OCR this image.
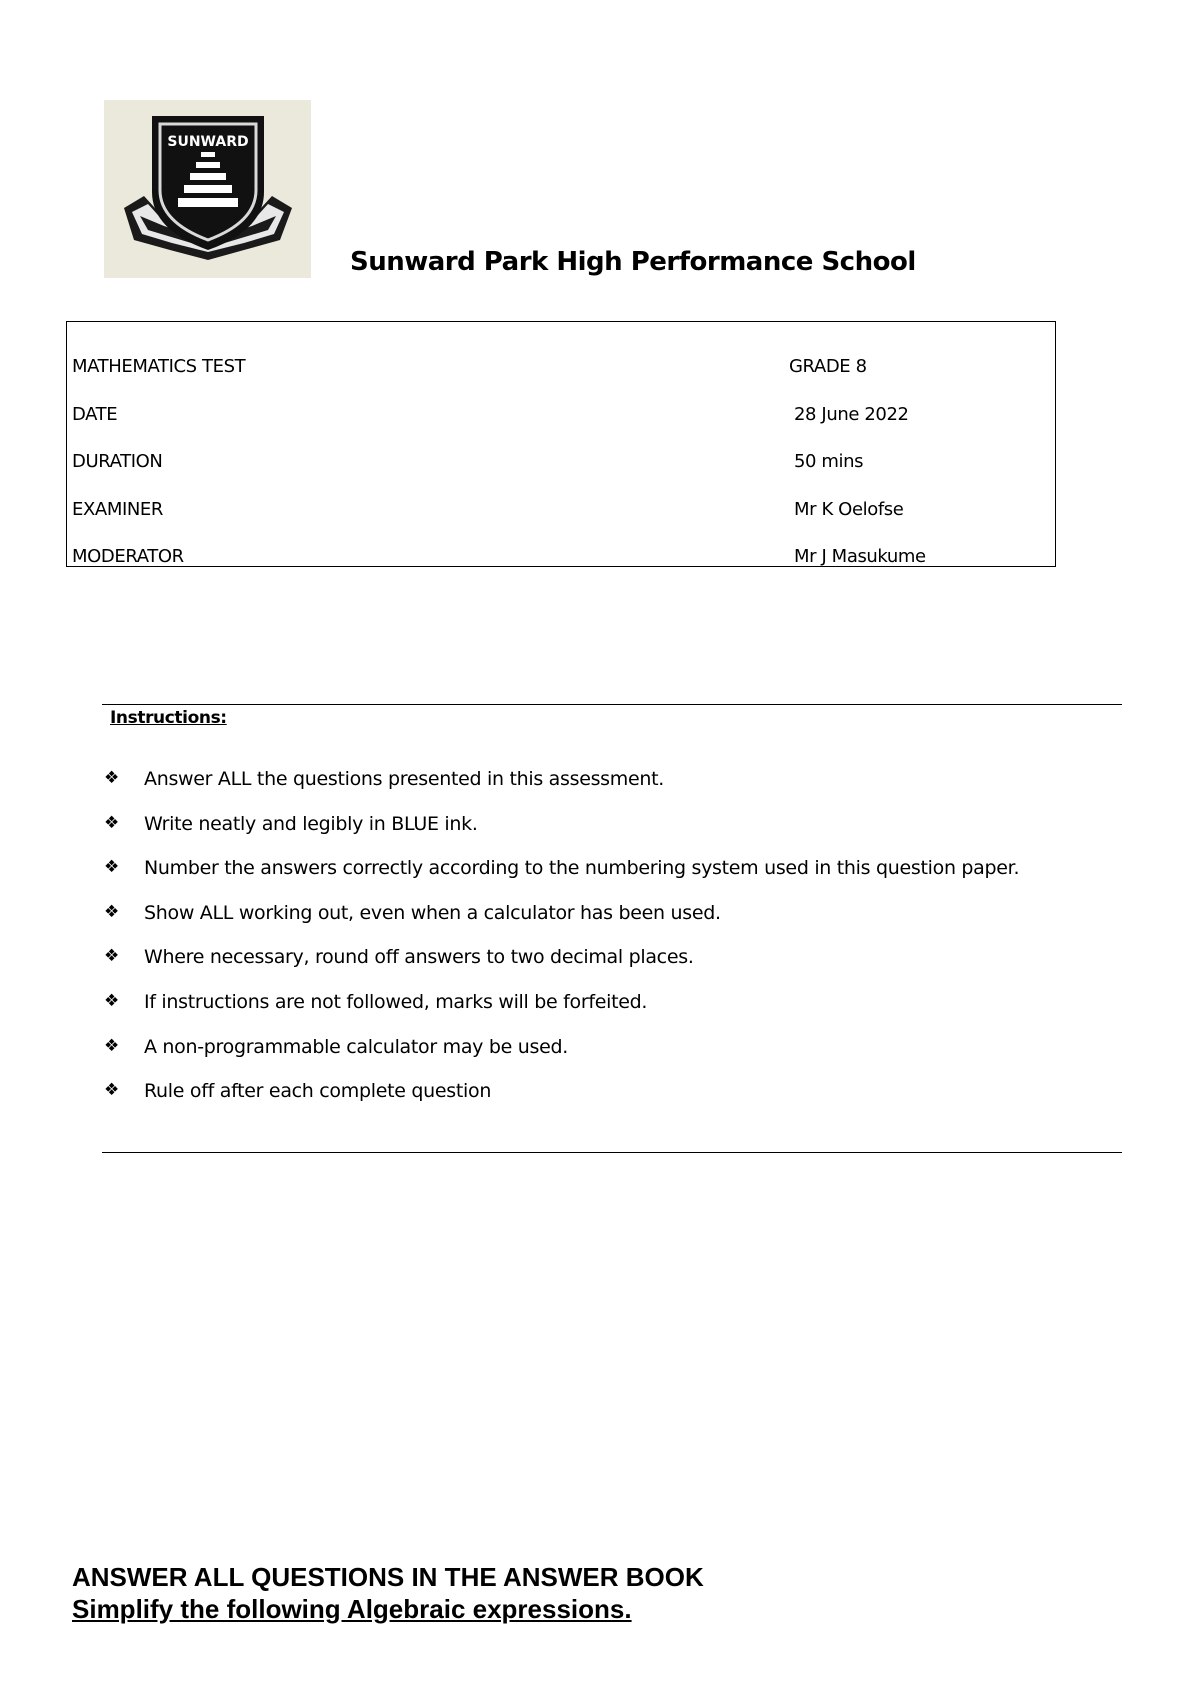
SUNWARD
Sunward Park High Performance School
MATHEMATICS TEST	GRADE 8
DATE	28 June 2022
DURATION	50 mins
EXAMINER	Mr K Oelofse
MODERATOR	Mr J Masukume
Instructions:
❖ Answer ALL the questions presented in this assessment.
❖ Write neatly and legibly in BLUE ink.
❖ Number the answers correctly according to the numbering system used in this question paper.
❖ Show ALL working out, even when a calculator has been used.
❖ Where necessary, round off answers to two decimal places.
❖ If instructions are not followed, marks will be forfeited.
❖ A non-programmable calculator may be used.
❖ Rule off after each complete question
ANSWER ALL QUESTIONS IN THE ANSWER BOOK
Simplify the following Algebraic expressions.
